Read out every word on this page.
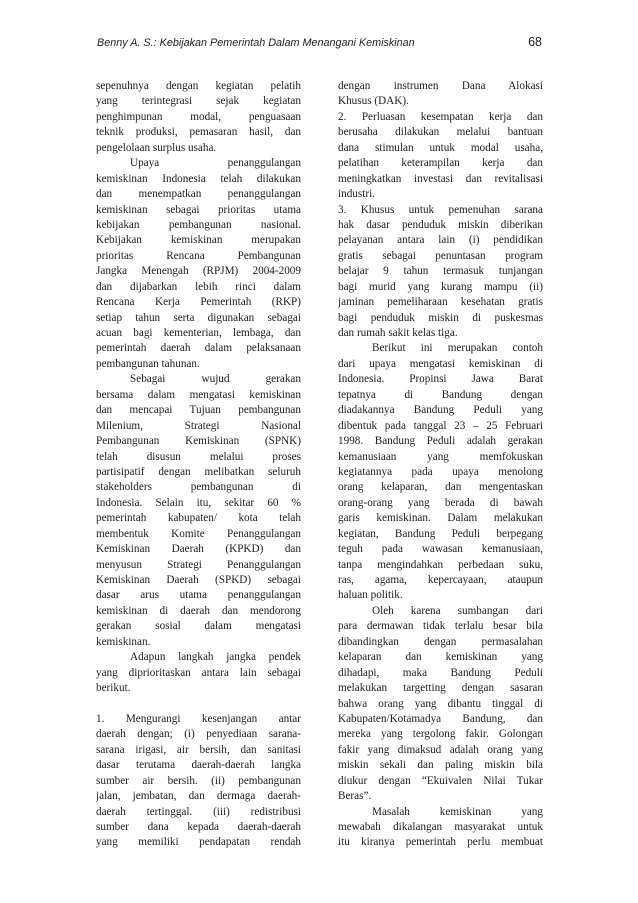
Benny A. S.: Kebijakan Pemerintah Dalam Menangani Kemiskinan	68
sepenuhnya dengan kegiatan pelatih
yang terintegrasi sejak kegiatan
penghimpunan modal, penguasaan
teknik produksi, pemasaran hasil, dan
pengelolaan surplus usaha.
Upaya penanggulangan
kemiskinan Indonesia telah dilakukan
dan menempatkan penanggulangan
kemiskinan sebagai prioritas utama
kebijakan pembangunan nasional.
Kebijakan kemiskinan merupakan
prioritas Rencana Pembangunan
Jangka Menengah (RPJM) 2004-2009
dan dijabarkan lebih rinci dalam
Rencana Kerja Pemerintah (RKP)
setiap tahun serta digunakan sebagai
acuan bagi kementerian, lembaga, dan
pemerintah daerah dalam pelaksanaan
pembangunan tahunan.
Sebagai wujud gerakan
bersama dalam mengatasi kemiskinan
dan mencapai Tujuan pembangunan
Milenium, Strategi Nasional
Pembangunan Kemiskinan (SPNK)
telah disusun melalui proses
partisipatif dengan melibatkan seluruh
stakeholders pembangunan di
Indonesia. Selain itu, sekitar 60 %
pemerintah kabupaten/ kota telah
membentuk Komite Penanggulangan
Kemiskinan Daerah (KPKD) dan
menyusun Strategi Penanggulangan
Kemiskinan Daerah (SPKD) sebagai
dasar arus utama penanggulangan
kemiskinan di daerah dan mendorong
gerakan sosial dalam mengatasi
kemiskinan.
Adapun langkah jangka pendek
yang diprioritaskan antara lain sebagai
berikut.
1. Mengurangi kesenjangan antar
daerah dengan; (i) penyediaan sarana-
sarana irigasi, air bersih, dan sanitasi
dasar terutama daerah-daerah langka
sumber air bersih. (ii) pembangunan
jalan, jembatan, dan dermaga daerah-
daerah tertinggal. (iii) redistribusi
sumber dana kepada daerah-daerah
yang memiliki pendapatan rendah
dengan instrumen Dana Alokasi
Khusus (DAK).
2. Perluasan kesempatan kerja dan
berusaha dilakukan melalui bantuan
dana stimulan untuk modal usaha,
pelatihan keterampilan kerja dan
meningkatkan investasi dan revitalisasi
industri.
3. Khusus untuk pemenuhan sarana
hak dasar penduduk miskin diberikan
pelayanan antara lain (i) pendidikan
gratis sebagai penuntasan program
belajar 9 tahun termasuk tunjangan
bagi murid yang kurang mampu (ii)
jaminan pemeliharaan kesehatan gratis
bagi penduduk miskin di puskesmas
dan rumah sakit kelas tiga.
Berikut ini merupakan contoh
dari upaya mengatasi kemiskinan di
Indonesia. Propinsi Jawa Barat
tepatnya di Bandung dengan
diadakannya Bandung Peduli yang
dibentuk pada tanggal 23 – 25 Februari
1998. Bandung Peduli adalah gerakan
kemanusiaan yang memfokuskan
kegiatannya pada upaya menolong
orang kelaparan, dan mengentaskan
orang-orang yang berada di bawah
garis kemiskinan. Dalam melakukan
kegiatan, Bandung Peduli berpegang
teguh pada wawasan kemanusiaan,
tanpa mengindahkan perbedaan suku,
ras, agama, kepercayaan, ataupun
haluan politik.
Oleh karena sumbangan dari
para dermawan tidak terlalu besar bila
dibandingkan dengan permasalahan
kelaparan dan kemiskinan yang
dihadapi, maka Bandung Peduli
melakukan targetting dengan sasaran
bahwa orang yang dibantu tinggal di
Kabupaten/Kotamadya Bandung, dan
mereka yang tergolong fakir. Golongan
fakir yang dimaksud adalah orang yang
miskin sekali dan paling miskin bila
diukur dengan “Ekuivalen Nilai Tukar
Beras”.
Masalah kemiskinan yang
mewabah dikalangan masyarakat untuk
itu kiranya pemerintah perlu membuat
